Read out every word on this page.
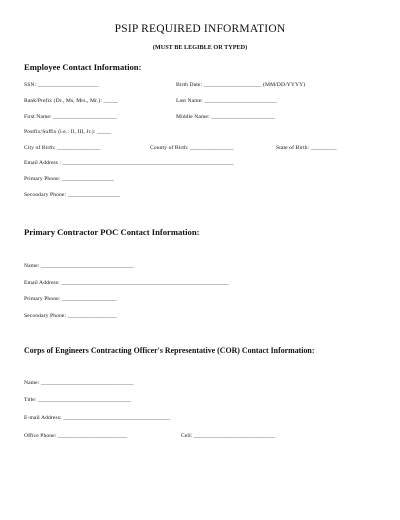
PSIP REQUIRED INFORMATION
(MUST BE LEGIBLE OR TYPED)
Employee Contact Information:
SSN: _____________________	Birth Date: ____________________ (MM/DD/YYYY)
Rank/Prefix (Dr., Ms, Mrs., Mr.): _____	Last Name: _________________________
First Name: ______________________	Middle Name: ______________________
Postfix/Suffix (i.e.: II, III, Jr.): _____
City of Birth: _______________	County of Birth: _______________	State of Birth: _________
Email Address : ___________________________________________________________
Primary Phone: __________________
Secondary Phone: __________________
Primary Contractor POC Contact Information:
Name: ________________________________
Email Address: __________________________________________________________
Primary Phone: ___________________
Secondary Phone: _________________
Corps of Engineers Contracting Officer's Representative (COR) Contact Information:
Name: ________________________________
Title: ________________________________
E-mail Address: _____________________________________
Office Phone: ________________________	Cell: ____________________________
